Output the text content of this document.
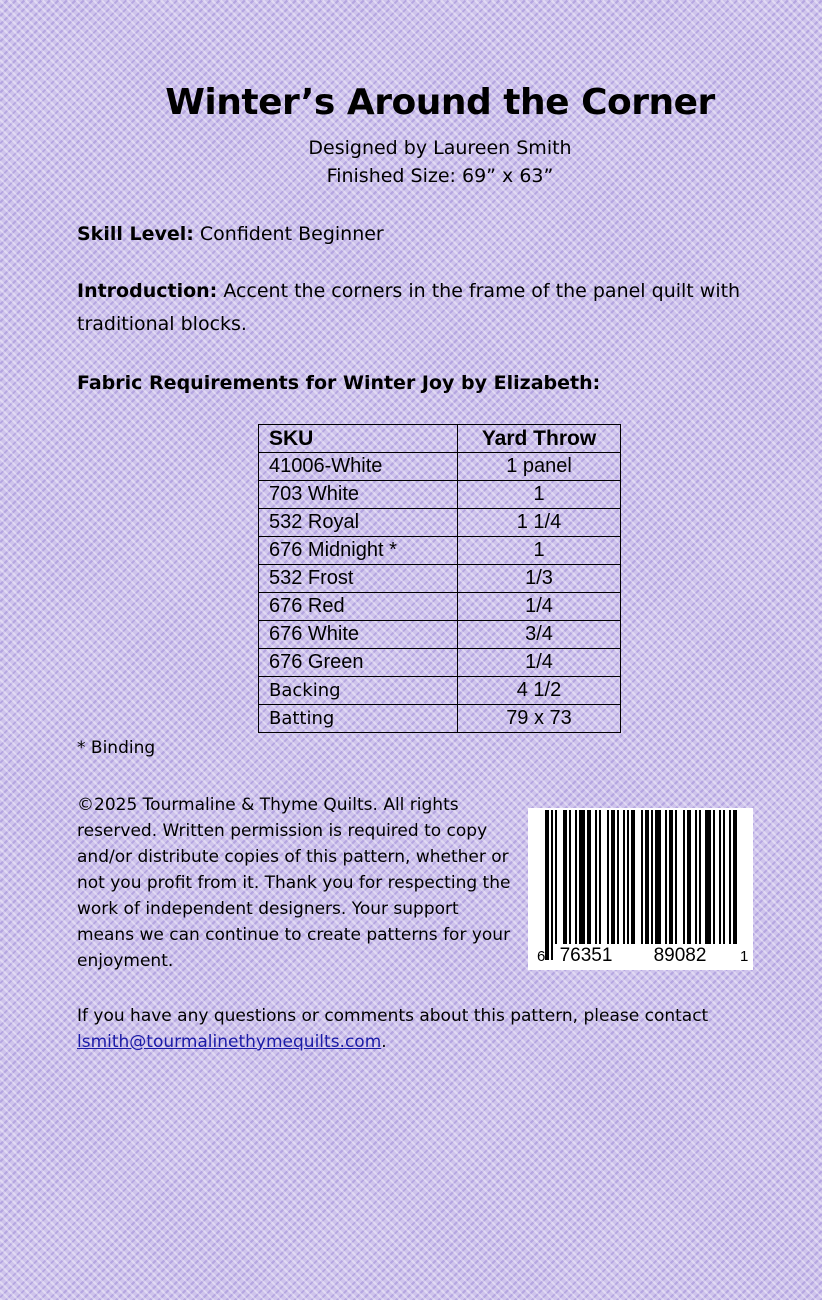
Winter’s Around the Corner

Designed by Laureen Smith

Finished Size: 69” x 63”

Skill Level: Confident Beginner

Introduction: Accent the corners in the frame of the panel quilt with traditional blocks.

Fabric Requirements for Winter Joy by Elizabeth:

SKU	Yard Throw
41006-White	1 panel
703 White	1
532 Royal	1 1/4
676 Midnight *	1
532 Frost	1/3
676 Red	1/4
676 White	3/4
676 Green	1/4
Backing	4 1/2
Batting	79 x 73

* Binding

©2025 Tourmaline & Thyme Quilts. All rights reserved. Written permission is required to copy and/or distribute copies of this pattern, whether or not you profit from it. Thank you for respecting the work of independent designers. Your support means we can continue to create patterns for your enjoyment.	6 76351 89082 1

If you have any questions or comments about this pattern, please contact
lsmith@tourmalinethymequilts.com.
